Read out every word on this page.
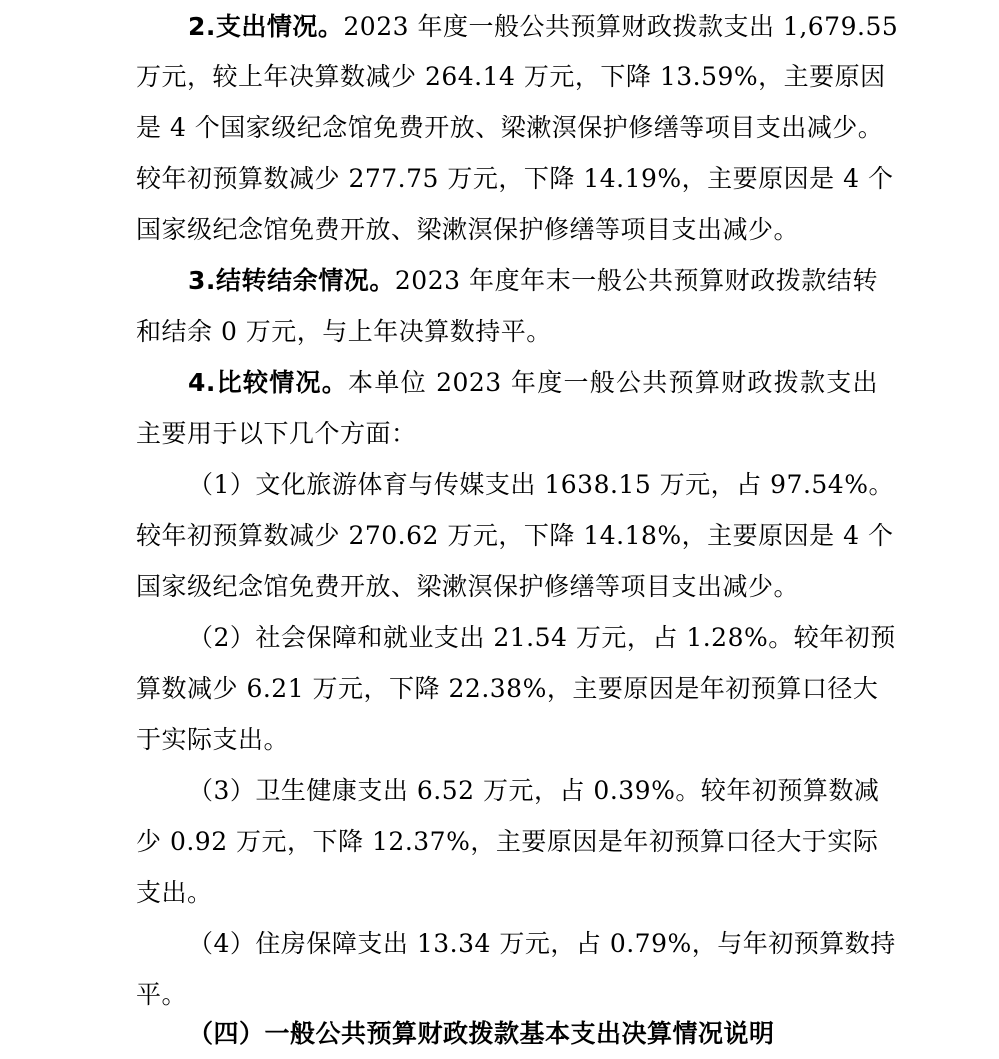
2.支出情况。2023 年度一般公共预算财政拨款支出 1,679.55
万元，较上年决算数减少 264.14 万元，下降 13.59%，主要原因
是 4 个国家级纪念馆免费开放、梁漱溟保护修缮等项目支出减少。
较年初预算数减少 277.75 万元，下降 14.19%，主要原因是 4 个
国家级纪念馆免费开放、梁漱溟保护修缮等项目支出减少。
3.结转结余情况。2023 年度年末一般公共预算财政拨款结转
和结余 0 万元，与上年决算数持平。
4.比较情况。本单位 2023 年度一般公共预算财政拨款支出
主要用于以下几个方面：
（1）文化旅游体育与传媒支出 1638.15 万元，占 97.54%。
较年初预算数减少 270.62 万元，下降 14.18%，主要原因是 4 个
国家级纪念馆免费开放、梁漱溟保护修缮等项目支出减少。
（2）社会保障和就业支出 21.54 万元，占 1.28%。较年初预
算数减少 6.21 万元，下降 22.38%，主要原因是年初预算口径大
于实际支出。
（3）卫生健康支出 6.52 万元，占 0.39%。较年初预算数减
少 0.92 万元，下降 12.37%，主要原因是年初预算口径大于实际
支出。
（4）住房保障支出 13.34 万元，占 0.79%，与年初预算数持
平。
（四）一般公共预算财政拨款基本支出决算情况说明
